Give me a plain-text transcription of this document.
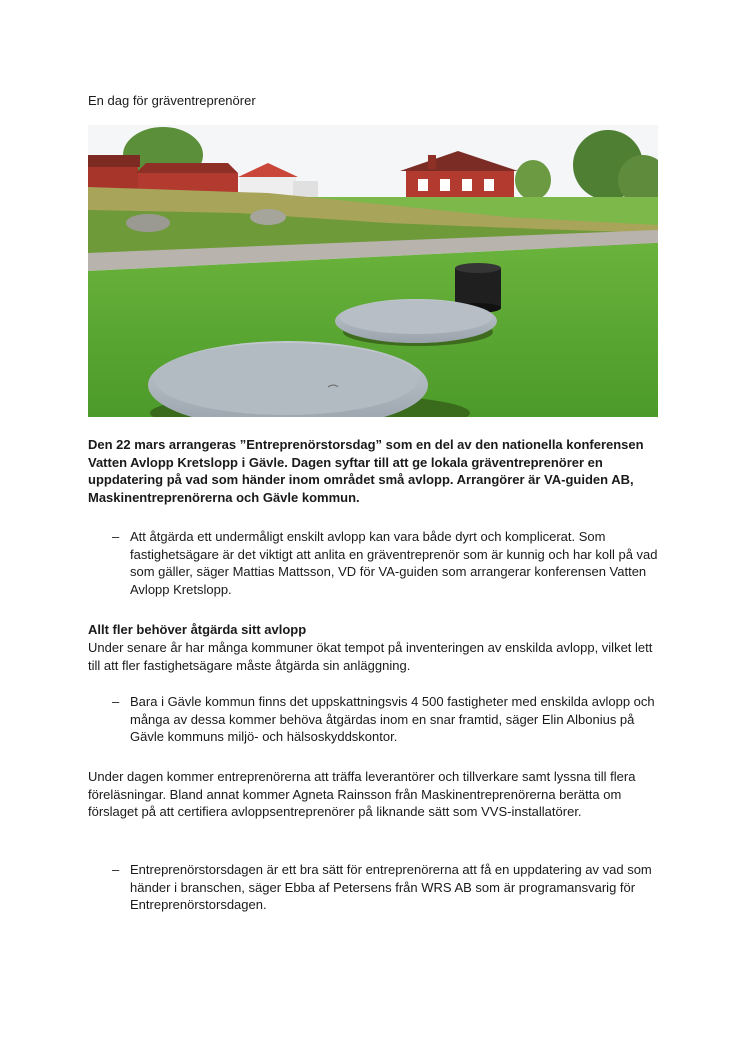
En dag för gräventreprenörer
Den 22 mars arrangeras ”Entreprenörstorsdag” som en del av den nationella konferensen Vatten Avlopp Kretslopp i Gävle. Dagen syftar till att ge lokala gräventreprenörer en uppdatering på vad som händer inom området små avlopp. Arrangörer är VA-guiden AB, Maskinentreprenörerna och Gävle kommun.
– Att åtgärda ett undermåligt enskilt avlopp kan vara både dyrt och komplicerat. Som fastighetsägare är det viktigt att anlita en gräventreprenör som är kunnig och har koll på vad som gäller, säger Mattias Mattsson, VD för VA-guiden som arrangerar konferensen Vatten Avlopp Kretslopp.
Allt fler behöver åtgärda sitt avlopp
Under senare år har många kommuner ökat tempot på inventeringen av enskilda avlopp, vilket lett till att fler fastighetsägare måste åtgärda sin anläggning.
– Bara i Gävle kommun finns det uppskattningsvis 4 500 fastigheter med enskilda avlopp och många av dessa kommer behöva åtgärdas inom en snar framtid, säger Elin Albonius på Gävle kommuns miljö- och hälsoskyddskontor.
Under dagen kommer entreprenörerna att träffa leverantörer och tillverkare samt lyssna till flera föreläsningar. Bland annat kommer Agneta Rainsson från Maskinentreprenörerna berätta om förslaget på att certifiera avloppsentreprenörer på liknande sätt som VVS-installatörer.
– Entreprenörstorsdagen är ett bra sätt för entreprenörerna att få en uppdatering av vad som händer i branschen, säger Ebba af Petersens från WRS AB som är programansvarig för Entreprenörstorsdagen.
